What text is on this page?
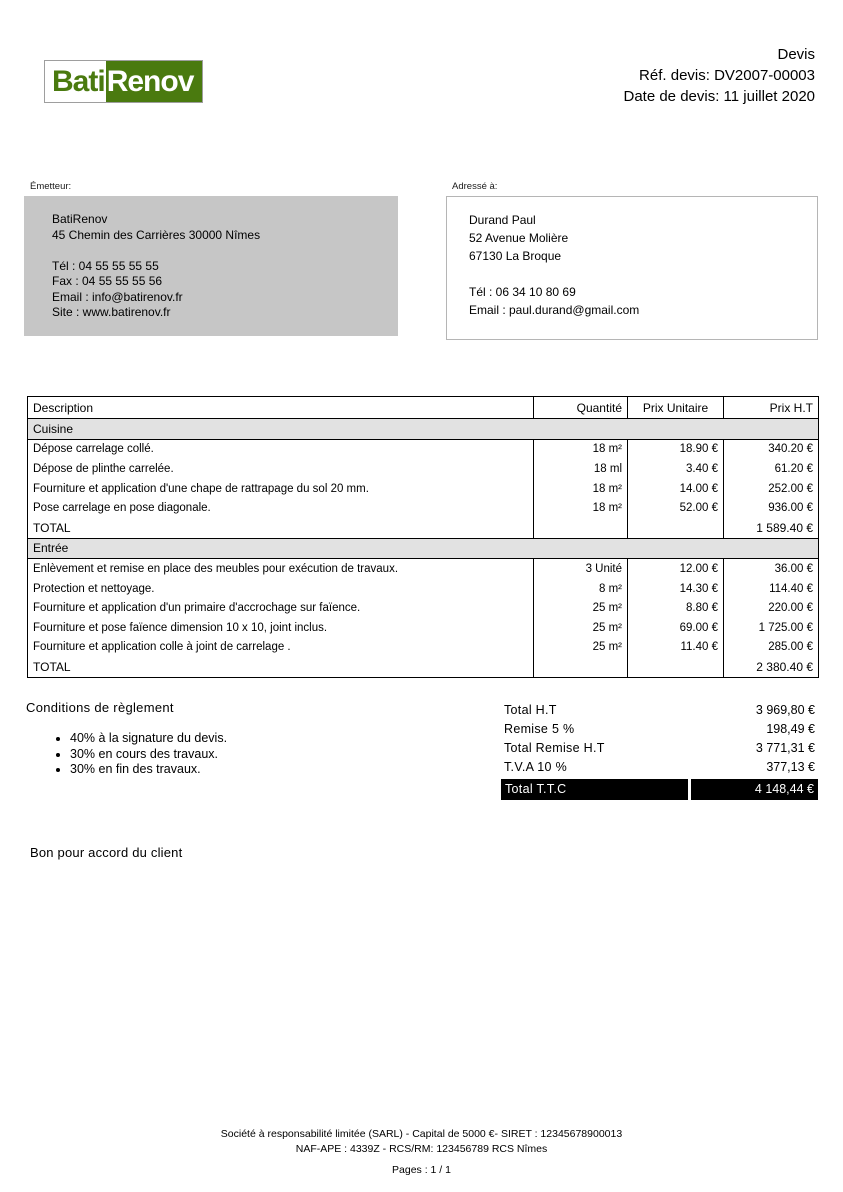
Bati Renov
Devis
Réf. devis: DV2007-00003
Date de devis: 11 juillet 2020
Émetteur:
BatiRenov
45 Chemin des Carrières 30000 Nîmes
Tél : 04 55 55 55 55
Fax : 04 55 55 55 56
Email : info@batirenov.fr
Site : www.batirenov.fr
Adressé à:
Durand Paul
52 Avenue Molière
67130 La Broque
Tél : 06 34 10 80 69
Email : paul.durand@gmail.com
Description	Quantité	Prix Unitaire	Prix H.T
Cuisine			
Dépose carrelage collé.	18 m²	18.90 €	340.20 €
Dépose de plinthe carrelée.	18 ml	3.40 €	61.20 €
Fourniture et application d'une chape de rattrapage du sol 20 mm.	18 m²	14.00 €	252.00 €
Pose carrelage en pose diagonale.	18 m²	52.00 €	936.00 €
TOTAL			1 589.40 €
Entrée			
Enlèvement et remise en place des meubles pour exécution de travaux.	3 Unité	12.00 €	36.00 €
Protection et nettoyage.	8 m²	14.30 €	114.40 €
Fourniture et application d'un primaire d'accrochage sur faïence.	25 m²	8.80 €	220.00 €
Fourniture et pose faïence dimension 10 x 10, joint inclus.	25 m²	69.00 €	1 725.00 €
Fourniture et application colle à joint de carrelage .	25 m²	11.40 €	285.00 €
TOTAL			2 380.40 €
Conditions de règlement
• 40% à la signature du devis.
• 30% en cours des travaux.
• 30% en fin des travaux.
Total H.T	3 969,80 €
Remise 5 %	198,49 €
Total Remise H.T	3 771,31 €
T.V.A 10 %	377,13 €
Total T.T.C	4 148,44 €
Bon pour accord du client
Société à responsabilité limitée (SARL) - Capital de 5000 €- SIRET : 12345678900013
NAF-APE : 4339Z - RCS/RM: 123456789 RCS Nîmes
Pages : 1 / 1
